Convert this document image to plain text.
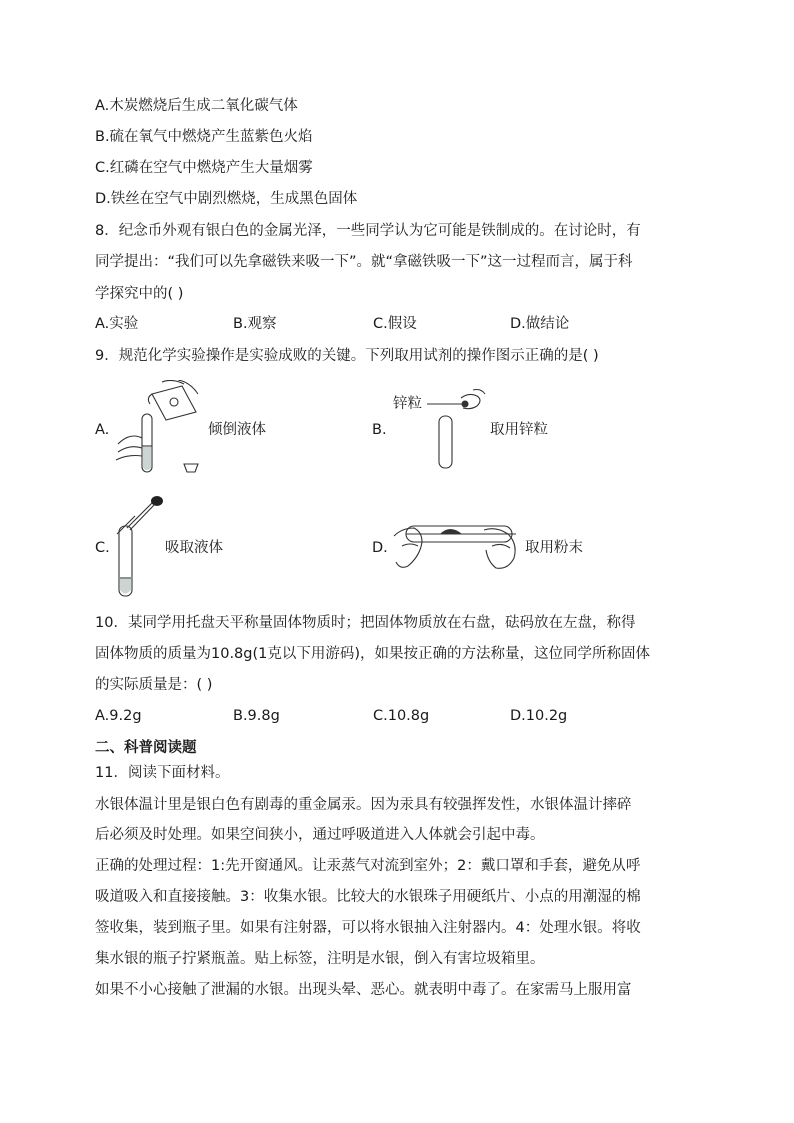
A.木炭燃烧后生成二氧化碳气体
B.硫在氧气中燃烧产生蓝紫色火焰
C.红磷在空气中燃烧产生大量烟雾
D.铁丝在空气中剧烈燃烧，生成黑色固体
8．纪念币外观有银白色的金属光泽，一些同学认为它可能是铁制成的。在讨论时，有
同学提出：“我们可以先拿磁铁来吸一下”。就“拿磁铁吸一下”这一过程而言，属于科
学探究中的( )
A.实验	B.观察	C.假设	D.做结论
9．规范化学实验操作是实验成败的关键。下列取用试剂的操作图示正确的是( )
A.	倾倒液体	B.
锌粒
取用锌粒
C.	吸取液体	D.	取用粉末
10．某同学用托盘天平称量固体物质时；把固体物质放在右盘，砝码放在左盘，称得
固体物质的质量为10.8g(1克以下用游码)，如果按正确的方法称量，这位同学所称固体
的实际质量是：( )
A.9.2g	B.9.8g	C.10.8g	D.10.2g
二、科普阅读题
11．阅读下面材料。
水银体温计里是银白色有剧毒的重金属汞。因为汞具有较强挥发性，水银体温计摔碎
后必须及时处理。如果空间狭小，通过呼吸道进入人体就会引起中毒。
正确的处理过程：1:先开窗通风。让汞蒸气对流到室外；2：戴口罩和手套，避免从呼
吸道吸入和直接接触。3：收集水银。比较大的水银珠子用硬纸片、小点的用潮湿的棉
签收集，装到瓶子里。如果有注射器，可以将水银抽入注射器内。4：处理水银。将收
集水银的瓶子拧紧瓶盖。贴上标签，注明是水银，倒入有害垃圾箱里。
如果不小心接触了泄漏的水银。出现头晕、恶心。就表明中毒了。在家需马上服用富
